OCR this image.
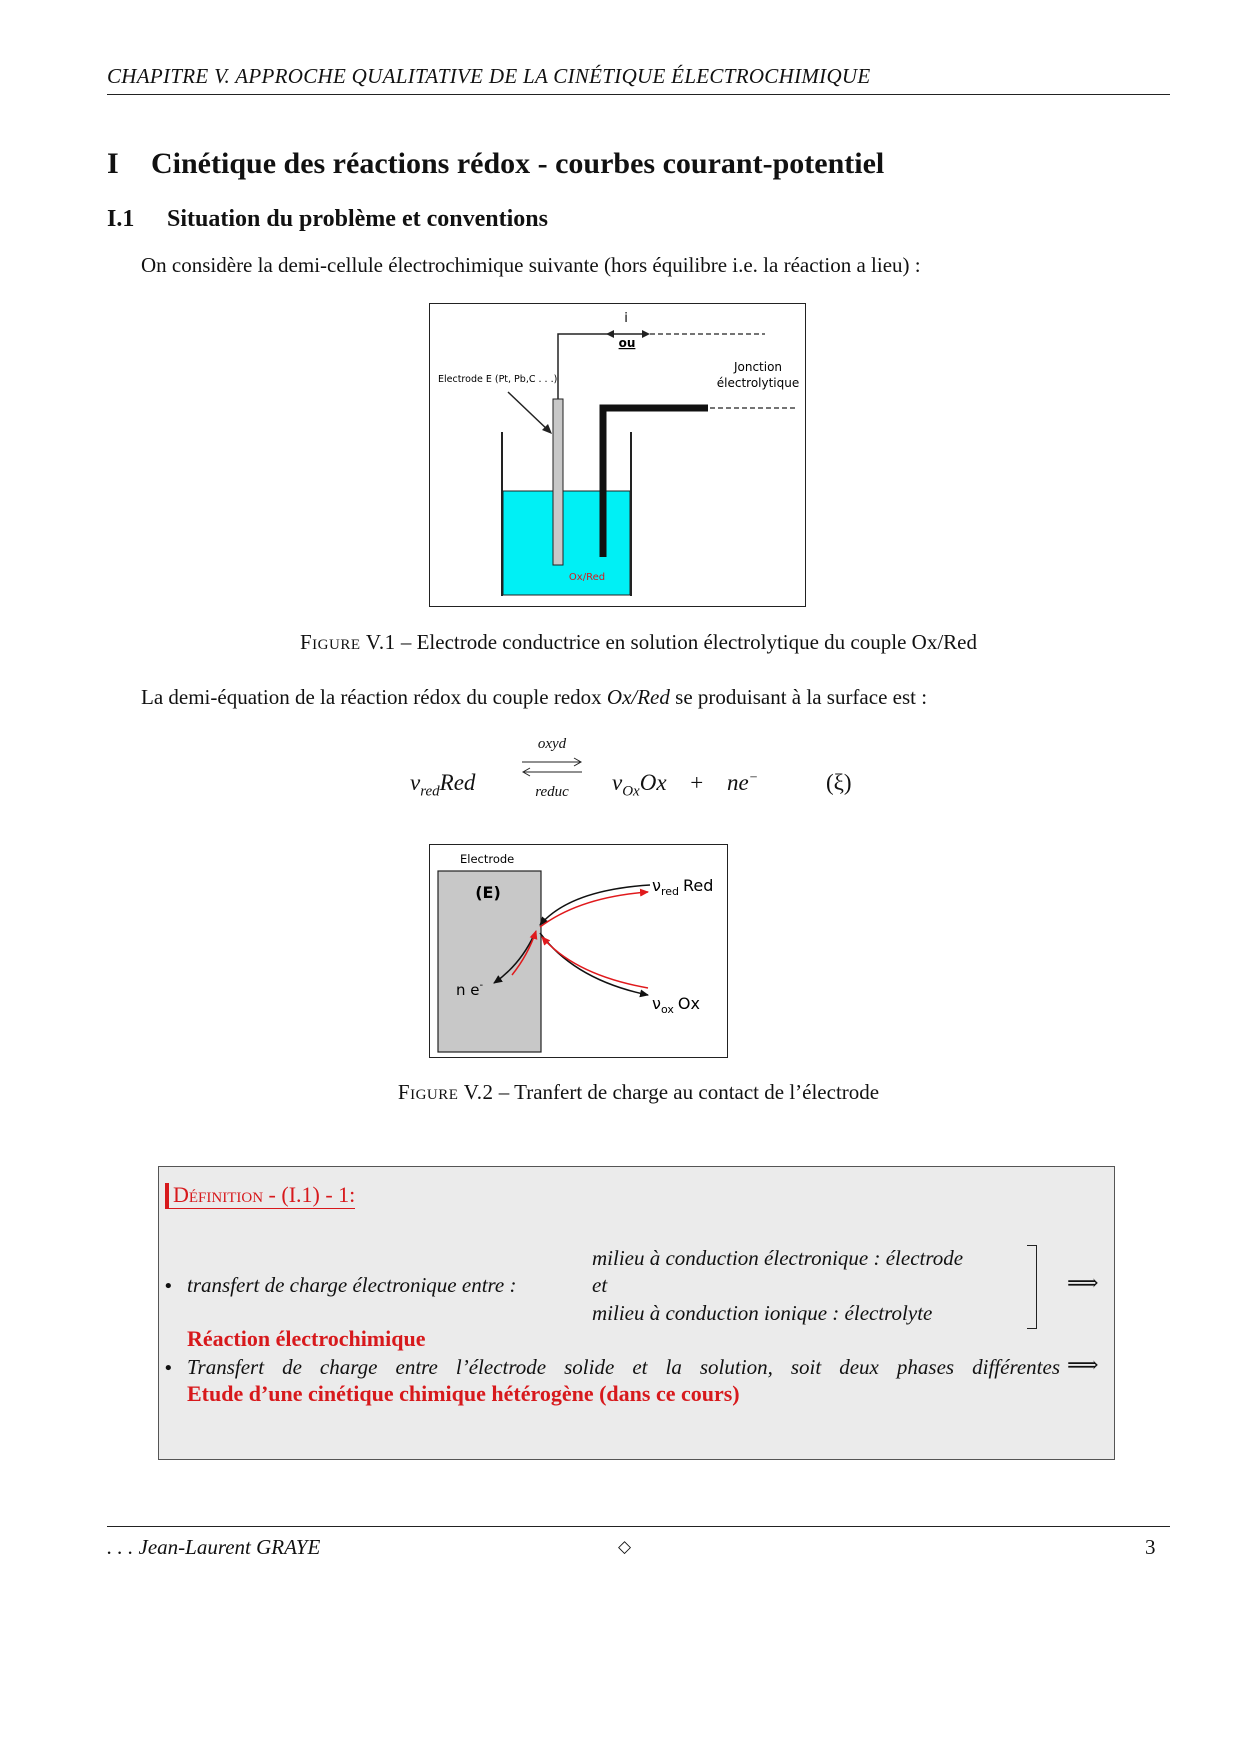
CHAPITRE V. APPROCHE QUALITATIVE DE LA CINÉTIQUE ÉLECTROCHIMIQUE
I Cinétique des réactions rédox - courbes courant-potentiel
I.1 Situation du problème et conventions
On considère la demi-cellule électrochimique suivante (hors équilibre i.e. la réaction a lieu) :
i
ou
Electrode E (Pt, Pb,C . . .)
Jonction
électrolytique
Ox/Red
Figure V.1 – Electrode conductrice en solution électrolytique du couple Ox/Red
La demi-équation de la réaction rédox du couple redox Ox/Red se produisant à la surface est :
$\nu_{red}Red$
oxyd
reduc	$\nu_{Ox}Ox + ne^-$	(ξ)
Electrode
(E)
n e-
$\nu_{red}$ Red
$\nu_{ox}$ Ox
Figure V.2 – Tranfert de charge au contact de l’électrode
Définition - (I.1) - 1:
• transfert de charge électronique entre :
milieu à conduction électronique : électrode
et
milieu à conduction ionique : électrolyte
⟹
Réaction électrochimique
• Transfert de charge entre l’électrode solide et la solution, soit deux phases différentes ⟹
Etude d’une cinétique chimique hétérogène (dans ce cours)
. . . Jean-Laurent GRAYE	◇	3
